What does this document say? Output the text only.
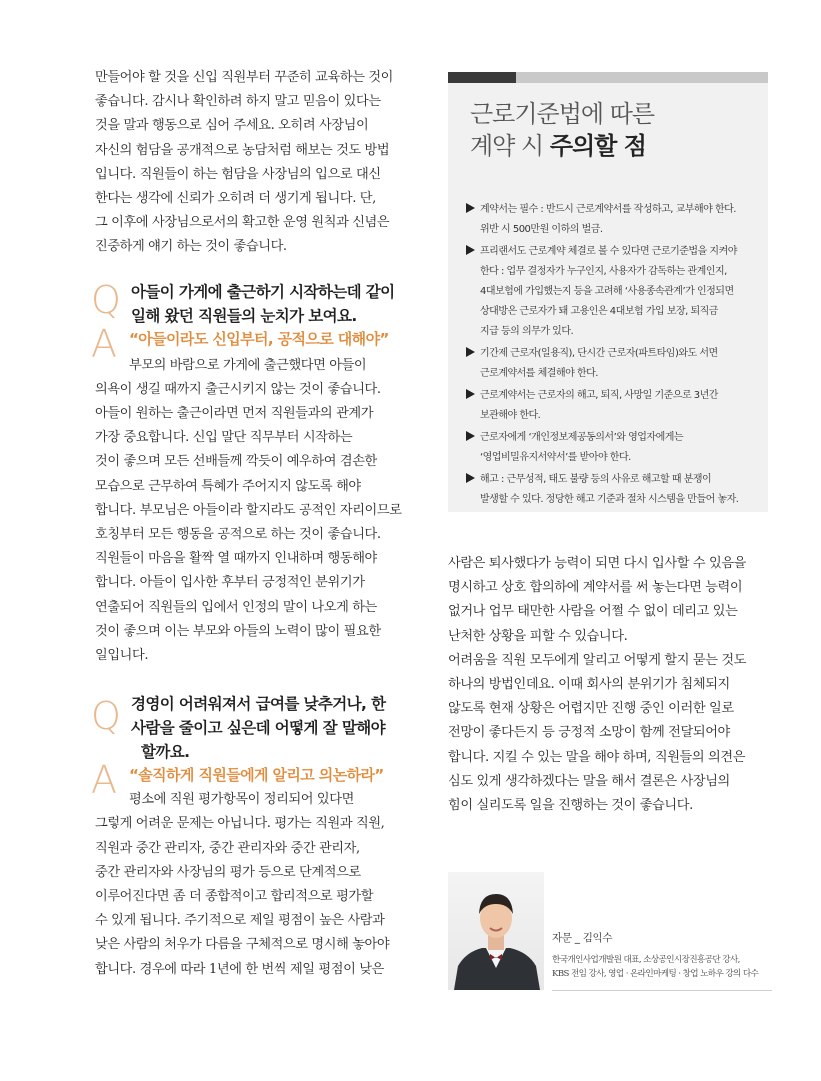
만들어야 할 것을 신입 직원부터 꾸준히 교육하는 것이
좋습니다. 감시나 확인하려 하지 말고 믿음이 있다는
것을 말과 행동으로 심어 주세요. 오히려 사장님이
자신의 험담을 공개적으로 농담처럼 해보는 것도 방법
입니다. 직원들이 하는 험담을 사장님의 입으로 대신
한다는 생각에 신뢰가 오히려 더 생기게 됩니다. 단,
그 이후에 사장님으로서의 확고한 운영 원칙과 신념은
진중하게 얘기 하는 것이 좋습니다.
Q 아들이 가게에 출근하기 시작하는데 같이
일해 왔던 직원들의 눈치가 보여요.
A “아들이라도 신입부터, 공적으로 대해야”
부모의 바람으로 가게에 출근했다면 아들이
의욕이 생길 때까지 출근시키지 않는 것이 좋습니다.
아들이 원하는 출근이라면 먼저 직원들과의 관계가
가장 중요합니다. 신입 말단 직무부터 시작하는
것이 좋으며 모든 선배들께 깍듯이 예우하여 겸손한
모습으로 근무하여 특혜가 주어지지 않도록 해야
합니다. 부모님은 아들이라 할지라도 공적인 자리이므로
호칭부터 모든 행동을 공적으로 하는 것이 좋습니다.
직원들이 마음을 활짝 열 때까지 인내하며 행동해야
합니다. 아들이 입사한 후부터 긍정적인 분위기가
연출되어 직원들의 입에서 인정의 말이 나오게 하는
것이 좋으며 이는 부모와 아들의 노력이 많이 필요한
일입니다.
Q 경영이 어려워져서 급여를 낮추거나, 한
사람을 줄이고 싶은데 어떻게 잘 말해야
할까요.
A “솔직하게 직원들에게 알리고 의논하라”
평소에 직원 평가항목이 정리되어 있다면
그렇게 어려운 문제는 아닙니다. 평가는 직원과 직원,
직원과 중간 관리자, 중간 관리자와 중간 관리자,
중간 관리자와 사장님의 평가 등으로 단계적으로
이루어진다면 좀 더 종합적이고 합리적으로 평가할
수 있게 됩니다. 주기적으로 제일 평점이 높은 사람과
낮은 사람의 처우가 다름을 구체적으로 명시해 놓아야
합니다. 경우에 따라 1년에 한 번씩 제일 평점이 낮은
근로기준법에 따른
계약 시 주의할 점
계약서는 필수 : 반드시 근로계약서를 작성하고, 교부해야 한다.
위반 시 500만원 이하의 벌금.
프리랜서도 근로계약 체결로 볼 수 있다면 근로기준법을 지켜야
한다 : 업무 결정자가 누구인지, 사용자가 감독하는 관계인지,
4대보험에 가입했는지 등을 고려해 ‘사용종속관계’가 인정되면
상대방은 근로자가 돼 고용인은 4대보험 가입 보장, 퇴직금
지급 등의 의무가 있다.
기간제 근로자(일용직), 단시간 근로자(파트타임)와도 서면
근로계약서를 체결해야 한다.
근로계약서는 근로자의 해고, 퇴직, 사망일 기준으로 3년간
보관해야 한다.
근로자에게 ‘개인정보제공동의서’와 영업자에게는
‘영업비밀유지서약서’를 받아야 한다.
해고 : 근무성적, 태도 불량 등의 사유로 해고할 때 분쟁이
발생할 수 있다. 정당한 해고 기준과 절차 시스템을 만들어 놓자.
사람은 퇴사했다가 능력이 되면 다시 입사할 수 있음을
명시하고 상호 합의하에 계약서를 써 놓는다면 능력이
없거나 업무 태만한 사람을 어쩔 수 없이 데리고 있는
난처한 상황을 피할 수 있습니다.
어려움을 직원 모두에게 알리고 어떻게 할지 묻는 것도
하나의 방법인데요. 이때 회사의 분위기가 침체되지
않도록 현재 상황은 어렵지만 진행 중인 이러한 일로
전망이 좋다든지 등 긍정적 소망이 함께 전달되어야
합니다. 지킬 수 있는 말을 해야 하며, 직원들의 의견은
심도 있게 생각하겠다는 말을 해서 결론은 사장님의
힘이 실리도록 일을 진행하는 것이 좋습니다.

자문 _ 김익수

한국개인사업개발원 대표, 소상공인시장진흥공단 강사,
KBS 전임 강사, 영업 · 온라인마케팅 · 창업 노하우 강의 다수
